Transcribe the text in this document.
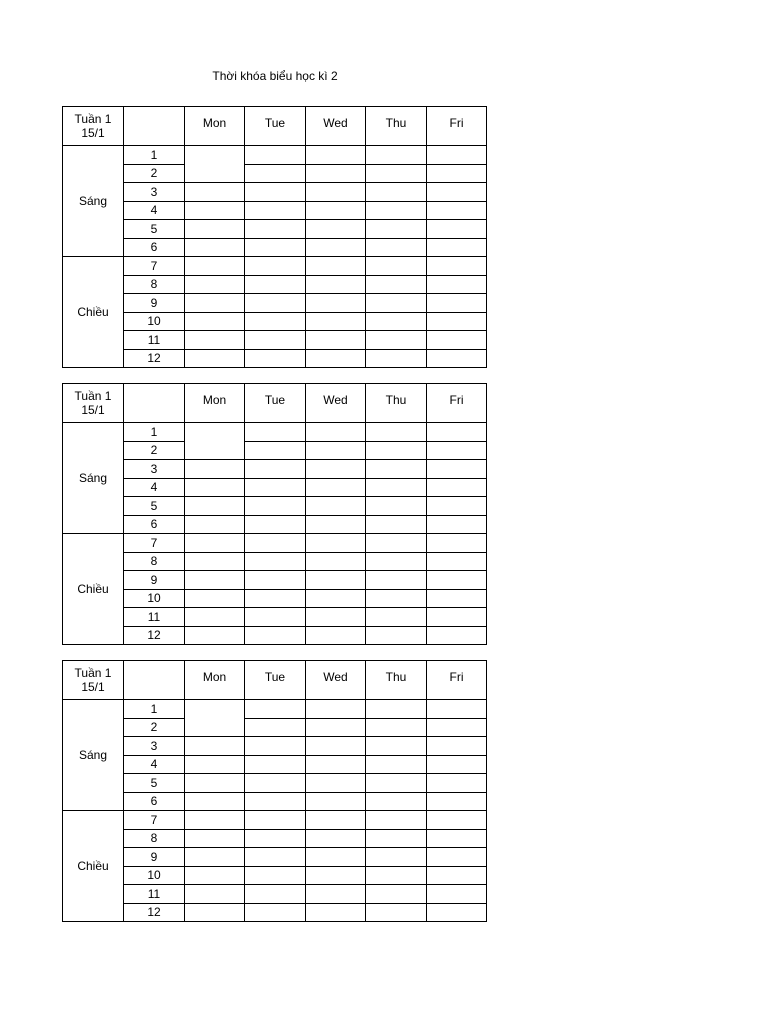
Thời khóa biểu học kì 2
Tuần 1
15/1		Mon	Tue	Wed	Thu	Fri
Sáng	1					
	2					
	3					
	4					
	5					
	6					
Chiều	7					
	8					
	9					
	10					
	11					
	12					
Tuần 1
15/1		Mon	Tue	Wed	Thu	Fri
Sáng	1					
	2					
	3					
	4					
	5					
	6					
Chiều	7					
	8					
	9					
	10					
	11					
	12					
Tuần 1
15/1		Mon	Tue	Wed	Thu	Fri
Sáng	1					
	2					
	3					
	4					
	5					
	6					
Chiều	7					
	8					
	9					
	10					
	11					
	12					
